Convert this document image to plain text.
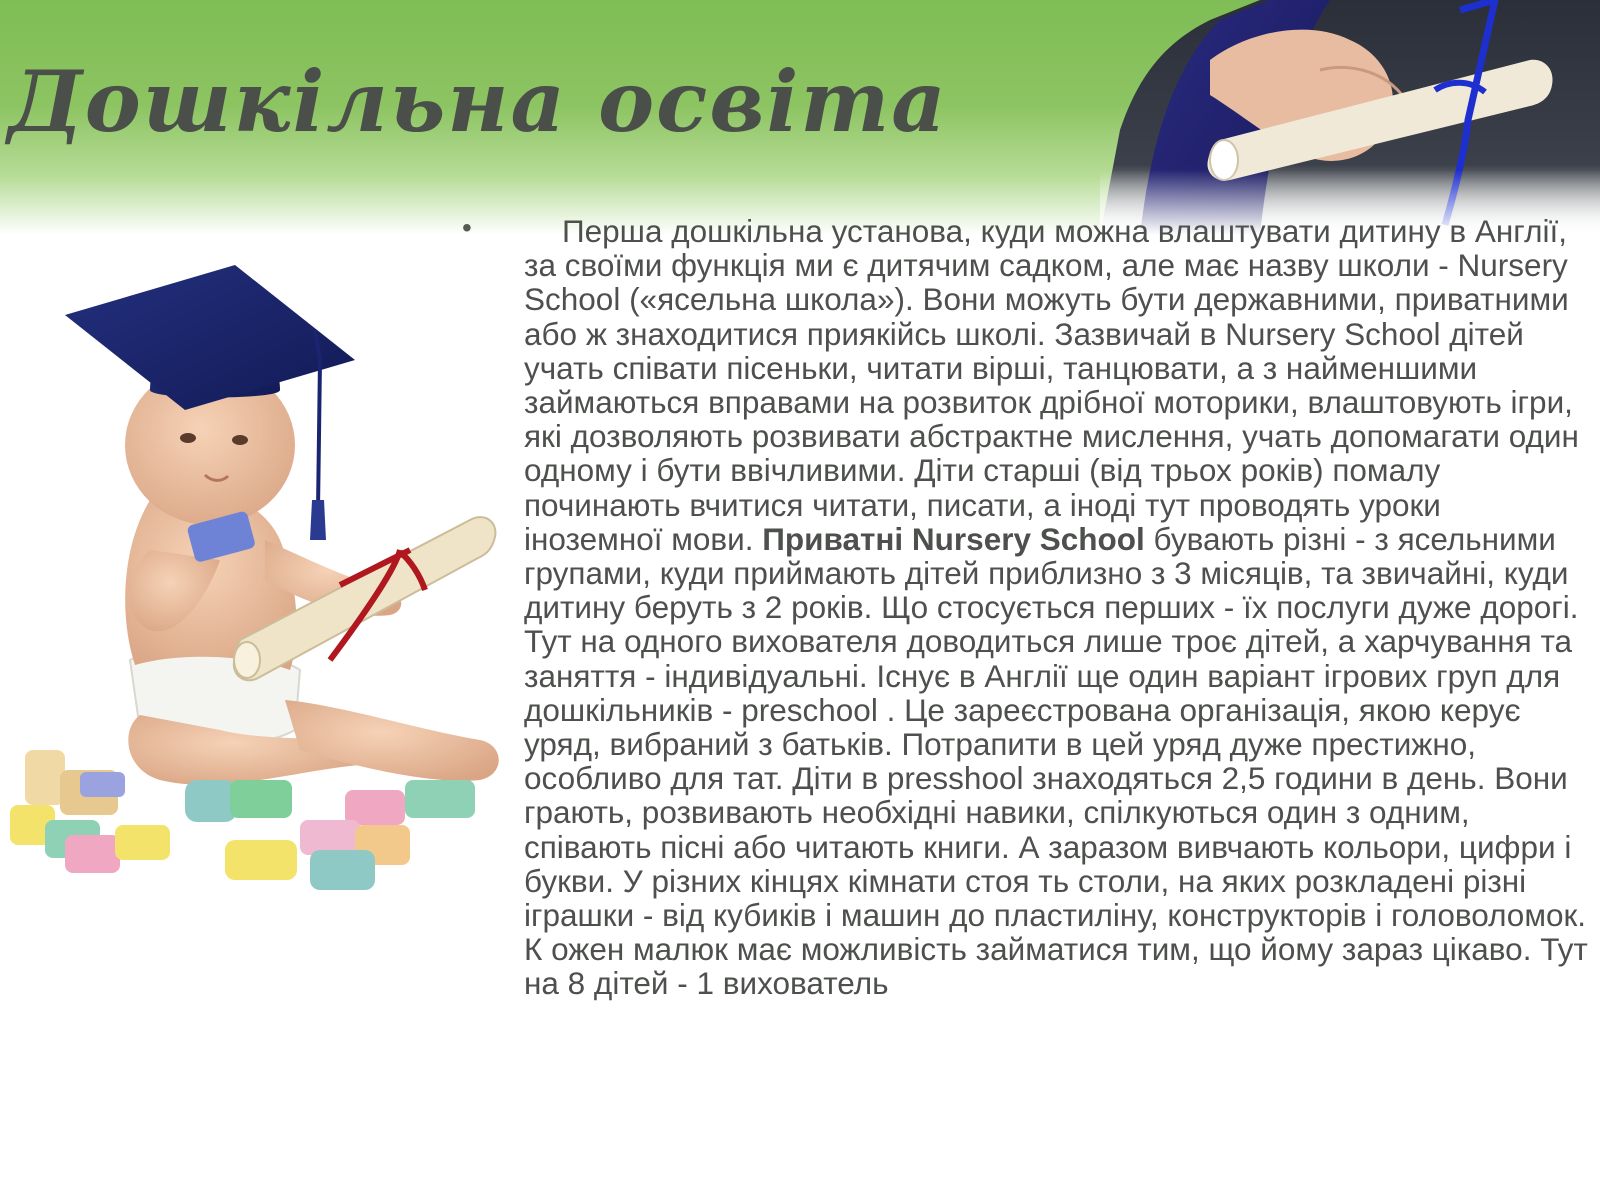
Дошкільна освіта
•	Перша дошкільна установа, куди можна влаштувати дитину в Англії, за своїми функція ми є дитячим садком, але має назву школи - Nursery School («ясельна школа»). Вони можуть бути державними, приватними або ж знаходитися приякійсь школі. Зазвичай в Nursery School дітей учать співати пісеньки, читати вірші, танцювати, а з найменшими займаються вправами на розвиток дрібної моторики, влаштовують ігри, які дозволяють розвивати абстрактне мислення, учать допомагати один одному і бути ввічливими. Діти старші (від трьох років) помалу починають вчитися читати, писати, а іноді тут проводять уроки іноземної мови. Приватні Nursery School бувають різні - з ясельними групами, куди приймають дітей приблизно з 3 місяців, та звичайні, куди дитину беруть з 2 років. Що стосується перших - їх послуги дуже дорогі. Тут на одного вихователя доводиться лише троє дітей, а харчування та заняття - індивідуальні. Існує в Англії ще один варіант ігрових груп для дошкільників - preschool . Це зареєстрована організація, якою керує уряд, вибраний з батьків. Потрапити в цей уряд дуже престижно, особливо для тат. Діти в presshool знаходяться 2,5 години в день. Вони грають, розвивають необхідні навики, спілкуються один з одним, співають пісні або читають книги. А заразом вивчають кольори, цифри і букви. У різних кінцях кімнати стоя ть столи, на яких розкладені різні іграшки - від кубиків і машин до пластиліну, конструкторів і головоломок. К ожен малюк має можливість займатися тим, що йому зараз цікаво. Тут на 8 дітей - 1 вихователь
